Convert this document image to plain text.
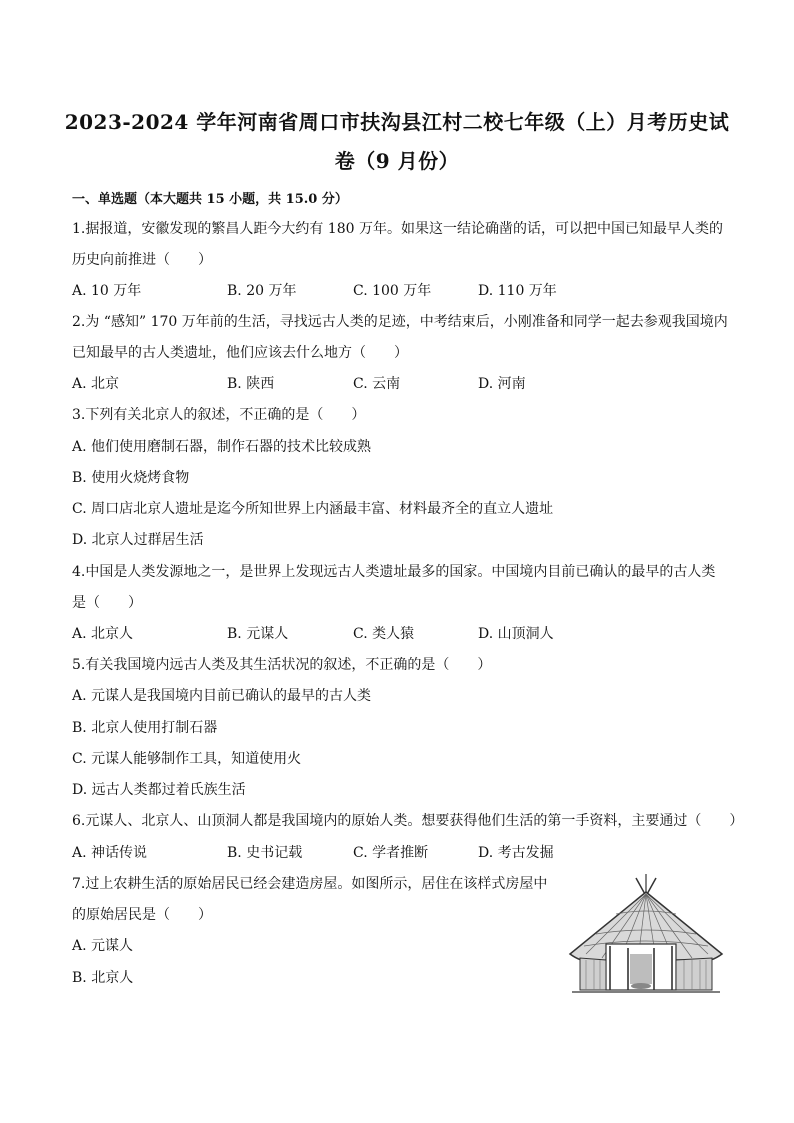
2023-2024 学年河南省周口市扶沟县江村二校七年级（上）月考历史试
卷（9 月份）
一、单选题（本大题共 15 小题，共 15.0 分）
1.据报道，安徽发现的繁昌人距今大约有 180 万年。如果这一结论确凿的话，可以把中国已知最早人类的
历史向前推进（　　）
A. 10 万年	B. 20 万年	C. 100 万年	D. 110 万年
2.为 “感知” 170 万年前的生活，寻找远古人类的足迹，中考结束后，小刚准备和同学一起去参观我国境内
已知最早的古人类遗址，他们应该去什么地方（　　）
A. 北京	B. 陕西	C. 云南	D. 河南
3.下列有关北京人的叙述，不正确的是（　　）
A. 他们使用磨制石器，制作石器的技术比较成熟
B. 使用火烧烤食物
C. 周口店北京人遗址是迄今所知世界上内涵最丰富、材料最齐全的直立人遗址
D. 北京人过群居生活
4.中国是人类发源地之一，是世界上发现远古人类遗址最多的国家。中国境内目前已确认的最早的古人类
是（　　）
A. 北京人	B. 元谋人	C. 类人猿	D. 山顶洞人
5.有关我国境内远古人类及其生活状况的叙述，不正确的是（　　）
A. 元谋人是我国境内目前已确认的最早的古人类
B. 北京人使用打制石器
C. 元谋人能够制作工具，知道使用火
D. 远古人类都过着氏族生活
6.元谋人、北京人、山顶洞人都是我国境内的原始人类。想要获得他们生活的第一手资料，主要通过（　　）
A. 神话传说	B. 史书记载	C. 学者推断	D. 考古发掘
7.过上农耕生活的原始居民已经会建造房屋。如图所示，居住在该样式房屋中
的原始居民是（　　）
A. 元谋人
B. 北京人
